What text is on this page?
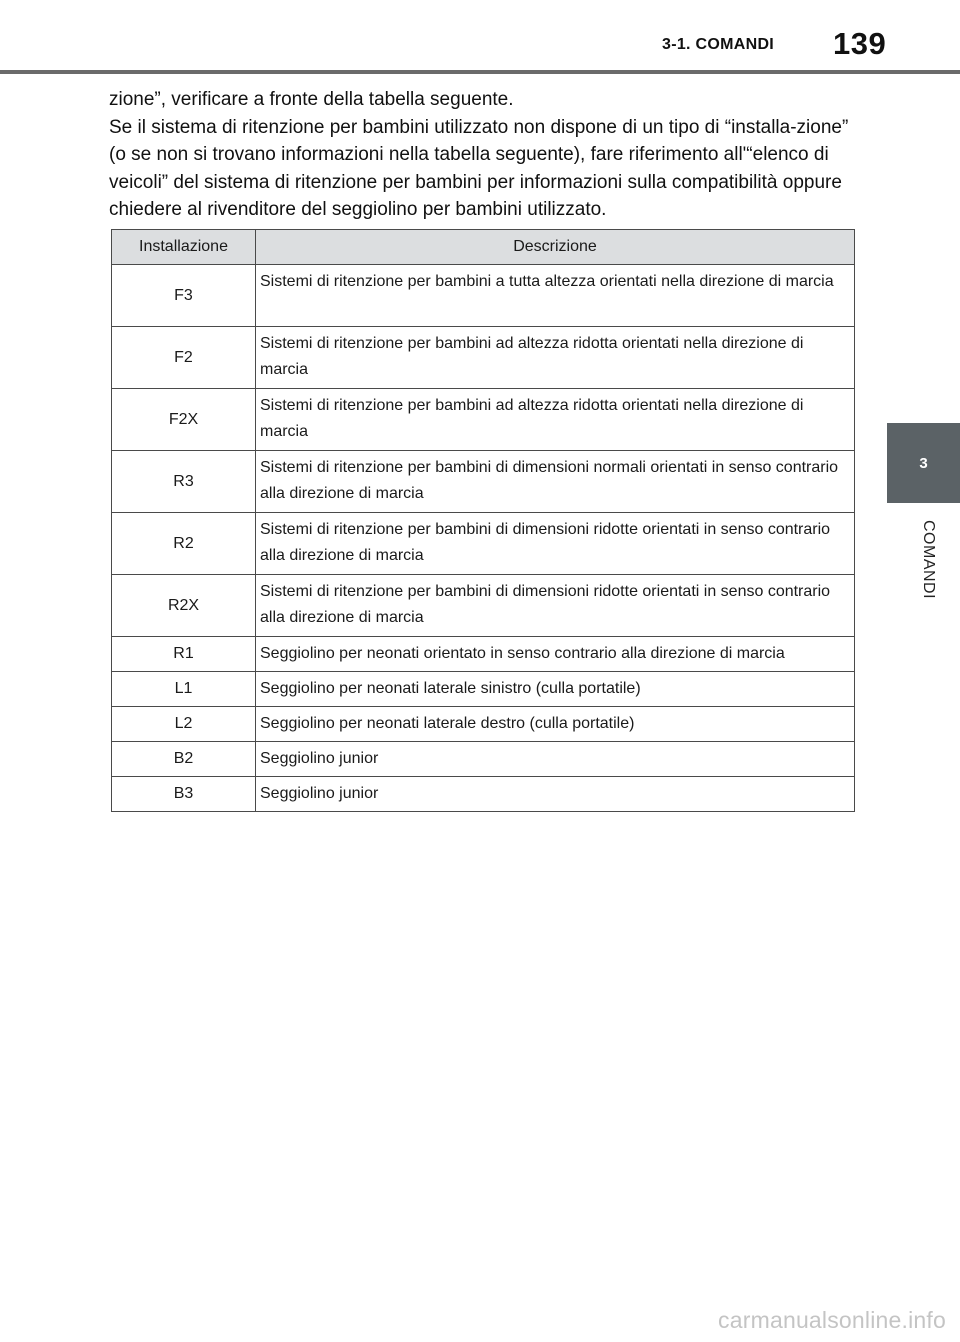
3-1. COMANDI 139
3
COMANDI

zione”, verificare a fronte della tabella seguente.

Se il sistema di ritenzione per bambini utilizzato non dispone di un tipo di “installa-zione” (o se non si trovano informazioni nella tabella seguente), fare riferimento all'“elenco di veicoli” del sistema di ritenzione per bambini per informazioni sulla compatibilità oppure chiedere al rivenditore del seggiolino per bambini utilizzato.

Installazione	Descrizione
F3	Sistemi di ritenzione per bambini a tutta altezza orientati nella direzione di marcia
F2	Sistemi di ritenzione per bambini ad altezza ridotta orientati nella direzione di marcia
F2X	Sistemi di ritenzione per bambini ad altezza ridotta orientati nella direzione di marcia
R3	Sistemi di ritenzione per bambini di dimensioni normali orientati in senso contrario alla direzione di marcia
R2	Sistemi di ritenzione per bambini di dimensioni ridotte orientati in senso contrario alla direzione di marcia
R2X	Sistemi di ritenzione per bambini di dimensioni ridotte orientati in senso contrario alla direzione di marcia
R1	Seggiolino per neonati orientato in senso contrario alla direzione di marcia
L1	Seggiolino per neonati laterale sinistro (culla portatile)
L2	Seggiolino per neonati laterale destro (culla portatile)
B2	Seggiolino junior
B3	Seggiolino junior
carmanualsonline.info
